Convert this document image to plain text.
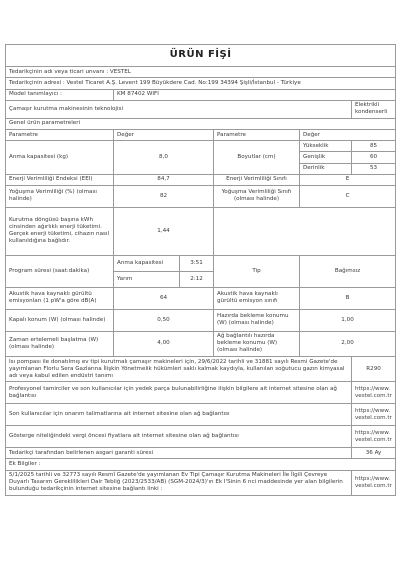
ÜRÜN FİŞİ					
Tedarikçinin adı veya ticari unvanı : VESTEL					
Tedarikçinin adresi : Vestel Ticaret A.Ş. Levent 199 Büyükdere Cad. No:199 34394 Şişli/İstanbul - Türkiye					
Model tanımlayıcı :	KM 87402 WIFI				
Çamaşır kurutma makinesinin teknolojisi					Elektrikli kondenserli
Genel ürün parametreleri					
Parametre	Değer		Parametre	Değer	
Anma kapasitesi (kg)	8,0		Boyutlar (cm)	Yükseklik	85
				Genişlik	60
				Derinlik	53
Enerji Verimliliği Endeksi (EEI)	84,7		Enerji Verimliliği Sınıfı	E	
Yoğuşma Verimliliği (%) (olması halinde)	82		Yoğuşma Verimliliği Sınıfı (olması halinde)	C	
Kurutma döngüsü başına kWh cinsinden ağırlıklı enerji tüketimi. Gerçek enerji tüketimi, cihazın nasıl kullanıldığına bağlıdır.	1,44				
Program süresi (saat:dakika)	Anma kapasitesi	3:51	Tip	Bağımsız	
	Yarım	2:12			
Akustik hava kaynaklı gürültü emisyonları (1 pW'a göre dB(A)	64		Akustik hava kaynaklı gürültü emisyon sınıfı	B	
Kapalı konum (W) (olması halinde)	0,50		Hazırda bekleme konumu (W) (olması halinde)	1,00	
Zaman ertelemeli başlatma (W) (olması halinde)	4,00		Ağ bağlantılı hazırda bekleme konumu (W) (olması halinde)	2,00	
Isı pompası ile donatılmış ev tipi kurutmalı çamaşır makineleri için, 29/6/2022 tarihli ve 31881 sayılı Resmi Gazete'de yayımlanan Florlu Sera Gazlarına İlişkin Yönetmelik hükümleri saklı kalmak kaydıyla, kullanılan soğutucu gazın kimyasal adı veya kabul edilen endüstri tanımı					R290
Profesyonel tamirciler ve son kullanıcılar için yedek parça bulunabilirliğine ilişkin bilgilere ait internet sitesine olan ağ bağlantısı					https://www.vestel.com.tr
Son kullanıcılar için onarım talimatlarına ait internet sitesine olan ağ bağlantısı					https://www.vestel.com.tr
Gösterge niteliğindeki vergi öncesi fiyatlara ait internet sitesine olan ağ bağlantısı					https://www.vestel.com.tr
Tedarikçi tarafından belirlenen asgari garanti süresi					36 Ay
Ek Bilgiler :					
5/1/2025 tarihli ve 32773 sayılı Resmî Gazete'de yayımlanan Ev Tipi Çamaşır Kurutma Makineleri İle İlgili Çevreye Duyarlı Tasarım Gereklilikleri Dair Tebliğ (2023/2533/AB) (SGM-2024/3)'ın Ek I'Sinin 6 nci maddesinde yer alan bilgilerin bulunduğu tedarikçinin internet sitesine bağlantı linki :					https://www.vestel.com.tr
